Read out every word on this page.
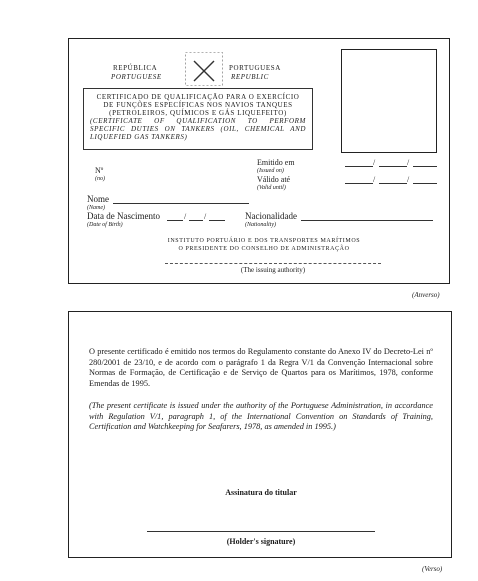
REPÚBLICA
PORTUGUESE
PORTUGUESA
REPUBLIC
CERTIFICADO DE QUALIFICAÇÃO PARA O EXERCÍCIO
DE FUNÇÕES ESPECÍFICAS NOS NAVIOS TANQUES
(PETROLEIROS, QUÍMICOS E GÁS LIQUEFEITO)
(CERTIFICATE OF QUALIFICATION TO PERFORM
SPECIFIC DUTIES ON TANKERS (OIL, CHEMICAL AND
LIQUEFIED GAS TANKERS)
Nº
(no)
Emitido em
(Issued on)
/	/
Válido até
(Valid until)
/	/
Nome
(Name)
Data de Nascimento
(Date of Birth)
/ /	Nacionalidade
(Nationality)
INSTITUTO PORTUÁRIO E DOS TRANSPORTES MARÍTIMOS
O PRESIDENTE DO CONSELHO DE ADMINISTRAÇÃO
(The issuing authority)
(Anverso)
O presente certificado é emitido nos termos do Regulamento constante do Anexo IV do Decreto-Lei nº 280/2001 de 23/10, e de acordo com o parágrafo 1 da Regra V/1 da Convenção Internacional sobre Normas de Formação, de Certificação e de Serviço de Quartos para os Marítimos, 1978, conforme Emendas de 1995.
(The present certificate is issued under the authority of the Portuguese Administration, in accordance with Regulation V/1, paragraph 1, of the International Convention on Standards of Training, Certification and Watchkeeping for Seafarers, 1978, as amended in 1995.)
Assinatura do titular
(Holder's signature)
(Verso)
